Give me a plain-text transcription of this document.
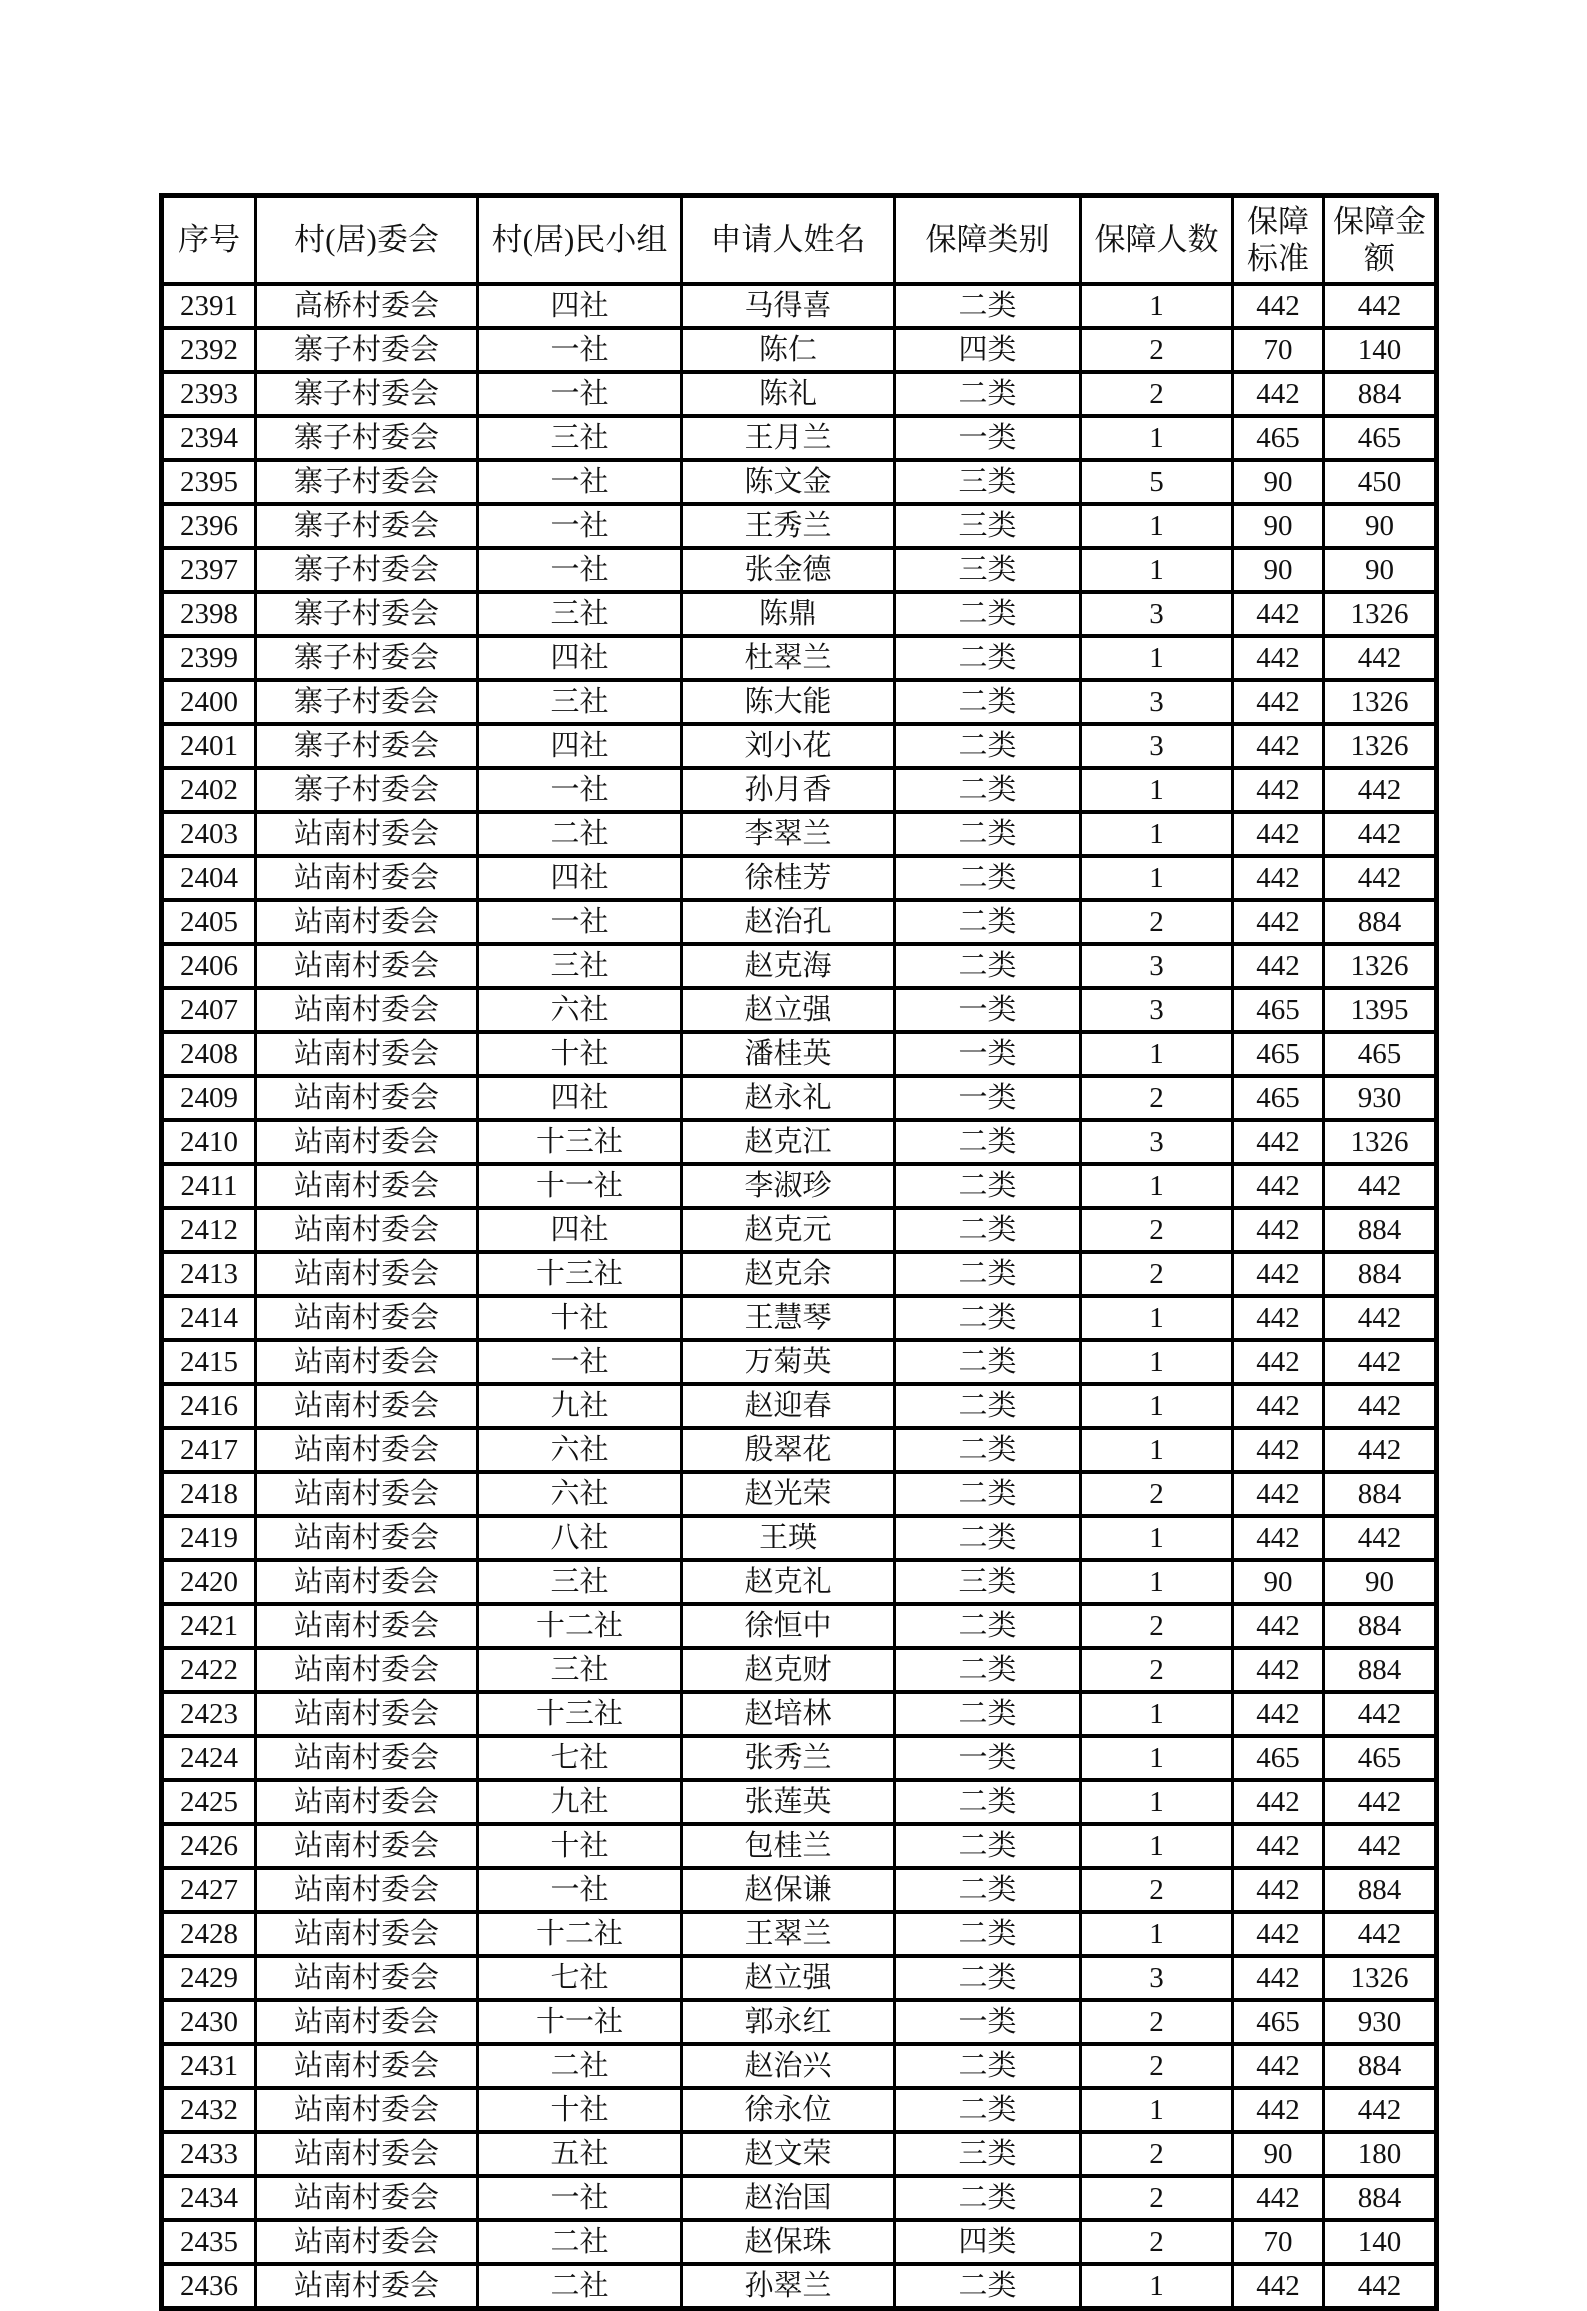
序号	村(居)委会	村(居)民小组	申请人姓名	保障类别	保障人数	保障标准	保障金额
2391	高桥村委会	四社	马得喜	二类	1	442	442
2392	寨子村委会	一社	陈仁	四类	2	70	140
2393	寨子村委会	一社	陈礼	二类	2	442	884
2394	寨子村委会	三社	王月兰	一类	1	465	465
2395	寨子村委会	一社	陈文金	三类	5	90	450
2396	寨子村委会	一社	王秀兰	三类	1	90	90
2397	寨子村委会	一社	张金德	三类	1	90	90
2398	寨子村委会	三社	陈鼎	二类	3	442	1326
2399	寨子村委会	四社	杜翠兰	二类	1	442	442
2400	寨子村委会	三社	陈大能	二类	3	442	1326
2401	寨子村委会	四社	刘小花	二类	3	442	1326
2402	寨子村委会	一社	孙月香	二类	1	442	442
2403	站南村委会	二社	李翠兰	二类	1	442	442
2404	站南村委会	四社	徐桂芳	二类	1	442	442
2405	站南村委会	一社	赵治孔	二类	2	442	884
2406	站南村委会	三社	赵克海	二类	3	442	1326
2407	站南村委会	六社	赵立强	一类	3	465	1395
2408	站南村委会	十社	潘桂英	一类	1	465	465
2409	站南村委会	四社	赵永礼	一类	2	465	930
2410	站南村委会	十三社	赵克江	二类	3	442	1326
2411	站南村委会	十一社	李淑珍	二类	1	442	442
2412	站南村委会	四社	赵克元	二类	2	442	884
2413	站南村委会	十三社	赵克余	二类	2	442	884
2414	站南村委会	十社	王慧琴	二类	1	442	442
2415	站南村委会	一社	万菊英	二类	1	442	442
2416	站南村委会	九社	赵迎春	二类	1	442	442
2417	站南村委会	六社	殷翠花	二类	1	442	442
2418	站南村委会	六社	赵光荣	二类	2	442	884
2419	站南村委会	八社	王瑛	二类	1	442	442
2420	站南村委会	三社	赵克礼	三类	1	90	90
2421	站南村委会	十二社	徐恒中	二类	2	442	884
2422	站南村委会	三社	赵克财	二类	2	442	884
2423	站南村委会	十三社	赵培林	二类	1	442	442
2424	站南村委会	七社	张秀兰	一类	1	465	465
2425	站南村委会	九社	张莲英	二类	1	442	442
2426	站南村委会	十社	包桂兰	二类	1	442	442
2427	站南村委会	一社	赵保谦	二类	2	442	884
2428	站南村委会	十二社	王翠兰	二类	1	442	442
2429	站南村委会	七社	赵立强	二类	3	442	1326
2430	站南村委会	十一社	郭永红	一类	2	465	930
2431	站南村委会	二社	赵治兴	二类	2	442	884
2432	站南村委会	十社	徐永位	二类	1	442	442
2433	站南村委会	五社	赵文荣	三类	2	90	180
2434	站南村委会	一社	赵治国	二类	2	442	884
2435	站南村委会	二社	赵保珠	四类	2	70	140
2436	站南村委会	二社	孙翠兰	二类	1	442	442
